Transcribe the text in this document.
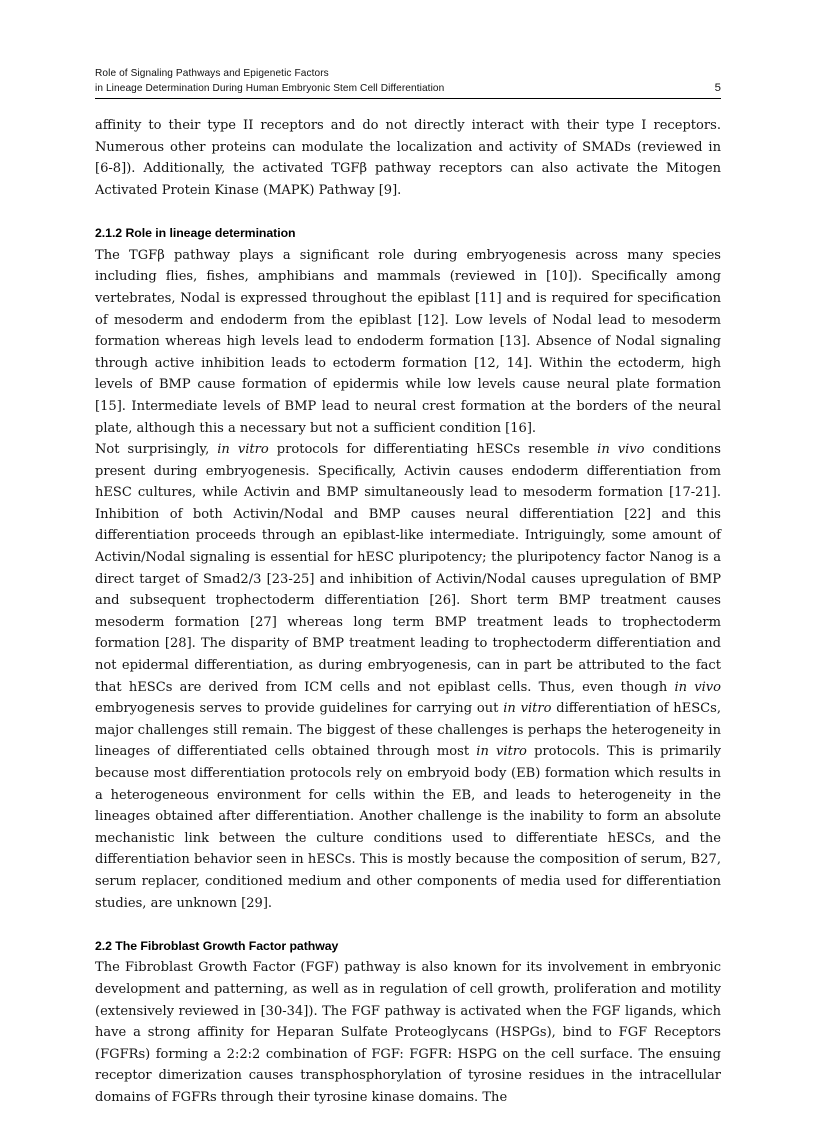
Role of Signaling Pathways and Epigenetic Factors
in Lineage Determination During Human Embryonic Stem Cell Differentiation	5

affinity to their type II receptors and do not directly interact with their type I receptors. Numerous other proteins can modulate the localization and activity of SMADs (reviewed in [6-8]). Additionally, the activated TGFβ pathway receptors can also activate the Mitogen Activated Protein Kinase (MAPK) Pathway [9].

2.1.2 Role in lineage determination

The TGFβ pathway plays a significant role during embryogenesis across many species including flies, fishes, amphibians and mammals (reviewed in [10]). Specifically among vertebrates, Nodal is expressed throughout the epiblast [11] and is required for specification of mesoderm and endoderm from the epiblast [12]. Low levels of Nodal lead to mesoderm formation whereas high levels lead to endoderm formation [13]. Absence of Nodal signaling through active inhibition leads to ectoderm formation [12, 14]. Within the ectoderm, high levels of BMP cause formation of epidermis while low levels cause neural plate formation [15]. Intermediate levels of BMP lead to neural crest formation at the borders of the neural plate, although this a necessary but not a sufficient condition [16].

Not surprisingly, in vitro protocols for differentiating hESCs resemble in vivo conditions present during embryogenesis. Specifically, Activin causes endoderm differentiation from hESC cultures, while Activin and BMP simultaneously lead to mesoderm formation [17-21]. Inhibition of both Activin/Nodal and BMP causes neural differentiation [22] and this differentiation proceeds through an epiblast-like intermediate. Intriguingly, some amount of Activin/Nodal signaling is essential for hESC pluripotency; the pluripotency factor Nanog is a direct target of Smad2/3 [23-25] and inhibition of Activin/Nodal causes upregulation of BMP and subsequent trophectoderm differentiation [26]. Short term BMP treatment causes mesoderm formation [27] whereas long term BMP treatment leads to trophectoderm formation [28]. The disparity of BMP treatment leading to trophectoderm differentiation and not epidermal differentiation, as during embryogenesis, can in part be attributed to the fact that hESCs are derived from ICM cells and not epiblast cells. Thus, even though in vivo embryogenesis serves to provide guidelines for carrying out in vitro differentiation of hESCs, major challenges still remain. The biggest of these challenges is perhaps the heterogeneity in lineages of differentiated cells obtained through most in vitro protocols. This is primarily because most differentiation protocols rely on embryoid body (EB) formation which results in a heterogeneous environment for cells within the EB, and leads to heterogeneity in the lineages obtained after differentiation. Another challenge is the inability to form an absolute mechanistic link between the culture conditions used to differentiate hESCs, and the differentiation behavior seen in hESCs. This is mostly because the composition of serum, B27, serum replacer, conditioned medium and other components of media used for differentiation studies, are unknown [29].

2.2 The Fibroblast Growth Factor pathway

The Fibroblast Growth Factor (FGF) pathway is also known for its involvement in embryonic development and patterning, as well as in regulation of cell growth, proliferation and motility (extensively reviewed in [30-34]). The FGF pathway is activated when the FGF ligands, which have a strong affinity for Heparan Sulfate Proteoglycans (HSPGs), bind to FGF Receptors (FGFRs) forming a 2:2:2 combination of FGF: FGFR: HSPG on the cell surface. The ensuing receptor dimerization causes transphosphorylation of tyrosine residues in the intracellular domains of FGFRs through their tyrosine kinase domains. The
